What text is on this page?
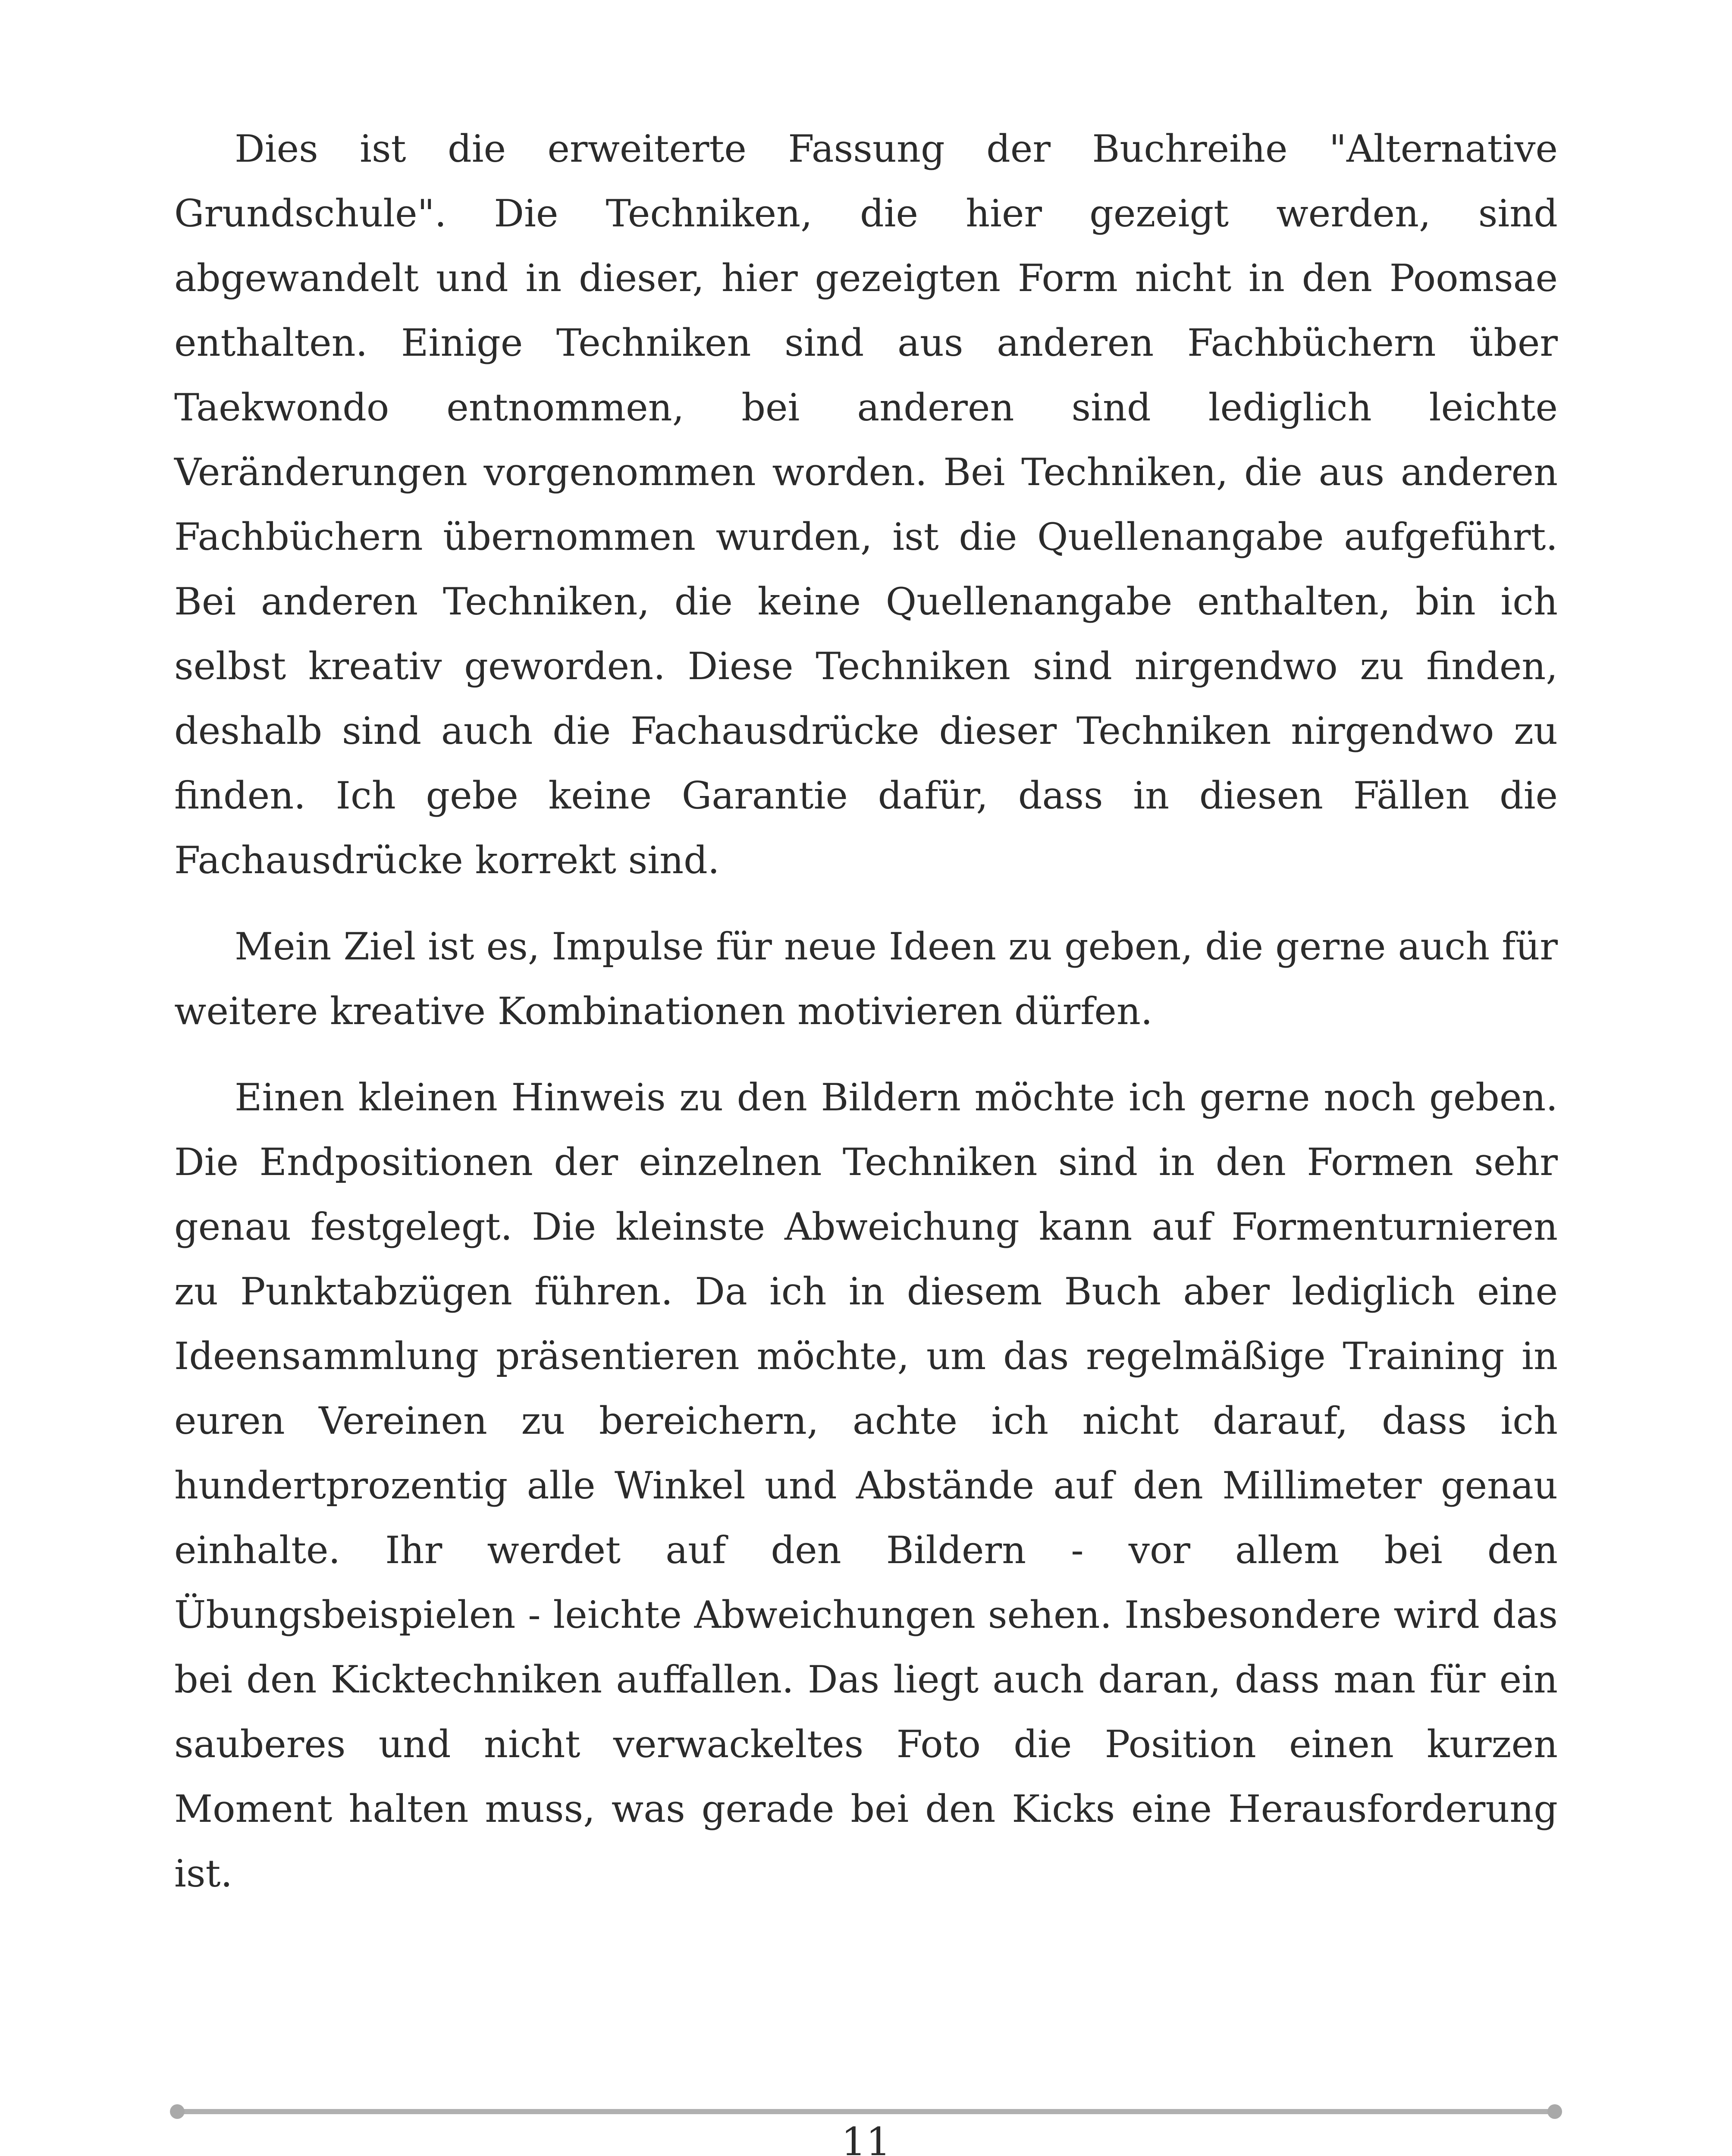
Dies ist die erweiterte Fassung der Buchreihe "Alternative Grundschule". Die Techniken, die hier gezeigt werden, sind abgewandelt und in dieser, hier gezeigten Form nicht in den Poomsae enthalten. Einige Techniken sind aus anderen Fachbüchern über Taekwondo entnommen, bei anderen sind lediglich leichte Veränderungen vorgenommen worden. Bei Techniken, die aus anderen Fachbüchern übernommen wurden, ist die Quellenangabe aufgeführt. Bei anderen Techniken, die keine Quellenangabe enthalten, bin ich selbst kreativ geworden. Diese Techniken sind nirgendwo zu finden, deshalb sind auch die Fachausdrücke dieser Techniken nirgendwo zu finden. Ich gebe keine Garantie dafür, dass in diesen Fällen die Fachausdrücke korrekt sind.

Mein Ziel ist es, Impulse für neue Ideen zu geben, die gerne auch für weitere kreative Kombinationen motivieren dürfen.

Einen kleinen Hinweis zu den Bildern möchte ich gerne noch geben. Die Endpositionen der einzelnen Techniken sind in den Formen sehr genau festgelegt. Die kleinste Abweichung kann auf Formenturnieren zu Punktabzügen führen. Da ich in diesem Buch aber lediglich eine Ideensammlung präsentieren möchte, um das regelmäßige Training in euren Vereinen zu bereichern, achte ich nicht darauf, dass ich hundertprozentig alle Winkel und Abstände auf den Millimeter genau einhalte. Ihr werdet auf den Bildern - vor allem bei den Übungsbeispielen - leichte Abweichungen sehen. Insbesondere wird das bei den Kicktechniken auffallen. Das liegt auch daran, dass man für ein sauberes und nicht verwackeltes Foto die Position einen kurzen Moment halten muss, was gerade bei den Kicks eine Herausforderung ist.

11
